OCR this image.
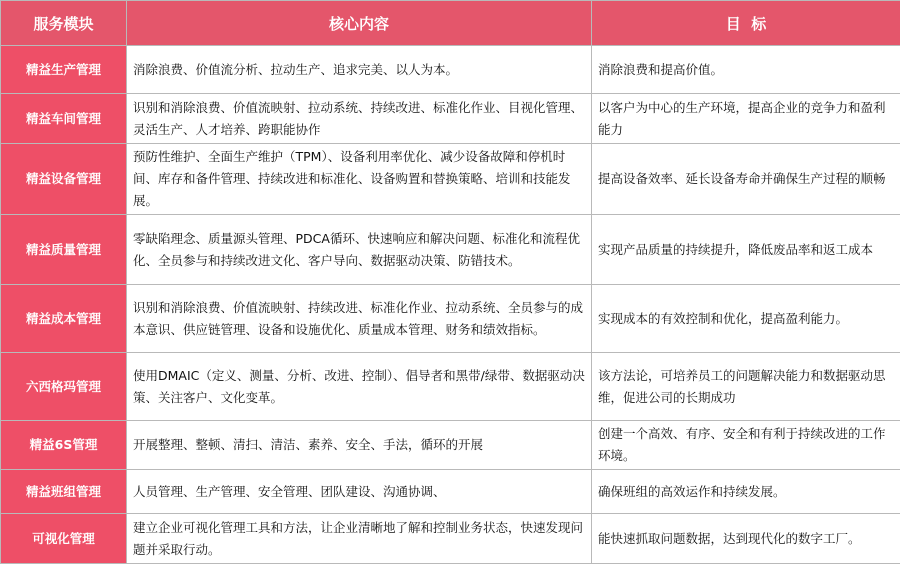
服务模块	核心内容	目  标
精益生产管理	消除浪费、价值流分析、拉动生产、追求完美、以人为本。	消除浪费和提高价值。
精益车间管理	识别和消除浪费、价值流映射、拉动系统、持续改进、标准化作业、目视化管理、灵活生产、人才培养、跨职能协作	以客户为中心的生产环境，提高企业的竞争力和盈利能力
精益设备管理	预防性维护、全面生产维护（TPM）、设备利用率优化、减少设备故障和停机时间、库存和备件管理、持续改进和标准化、设备购置和替换策略、培训和技能发展。	提高设备效率、延长设备寿命并确保生产过程的顺畅
精益质量管理	零缺陷理念、质量源头管理、PDCA循环、快速响应和解决问题、标准化和流程优化、全员参与和持续改进文化、客户导向、数据驱动决策、防错技术。	实现产品质量的持续提升，降低废品率和返工成本
精益成本管理	识别和消除浪费、价值流映射、持续改进、标准化作业、拉动系统、全员参与的成本意识、供应链管理、设备和设施优化、质量成本管理、财务和绩效指标。	实现成本的有效控制和优化，提高盈利能力。
六西格玛管理	使用DMAIC（定义、测量、分析、改进、控制）、倡导者和黑带/绿带、数据驱动决策、关注客户、文化变革。	该方法论，可培养员工的问题解决能力和数据驱动思维，促进公司的长期成功
精益6S管理	开展整理、整顿、清扫、清洁、素养、安全、手法，循环的开展	创建一个高效、有序、安全和有利于持续改进的工作环境。
精益班组管理	人员管理、生产管理、安全管理、团队建设、沟通协调、	确保班组的高效运作和持续发展。
可视化管理	建立企业可视化管理工具和方法，让企业清晰地了解和控制业务状态，快速发现问题并采取行动。	能快速抓取问题数据，达到现代化的数字工厂。
